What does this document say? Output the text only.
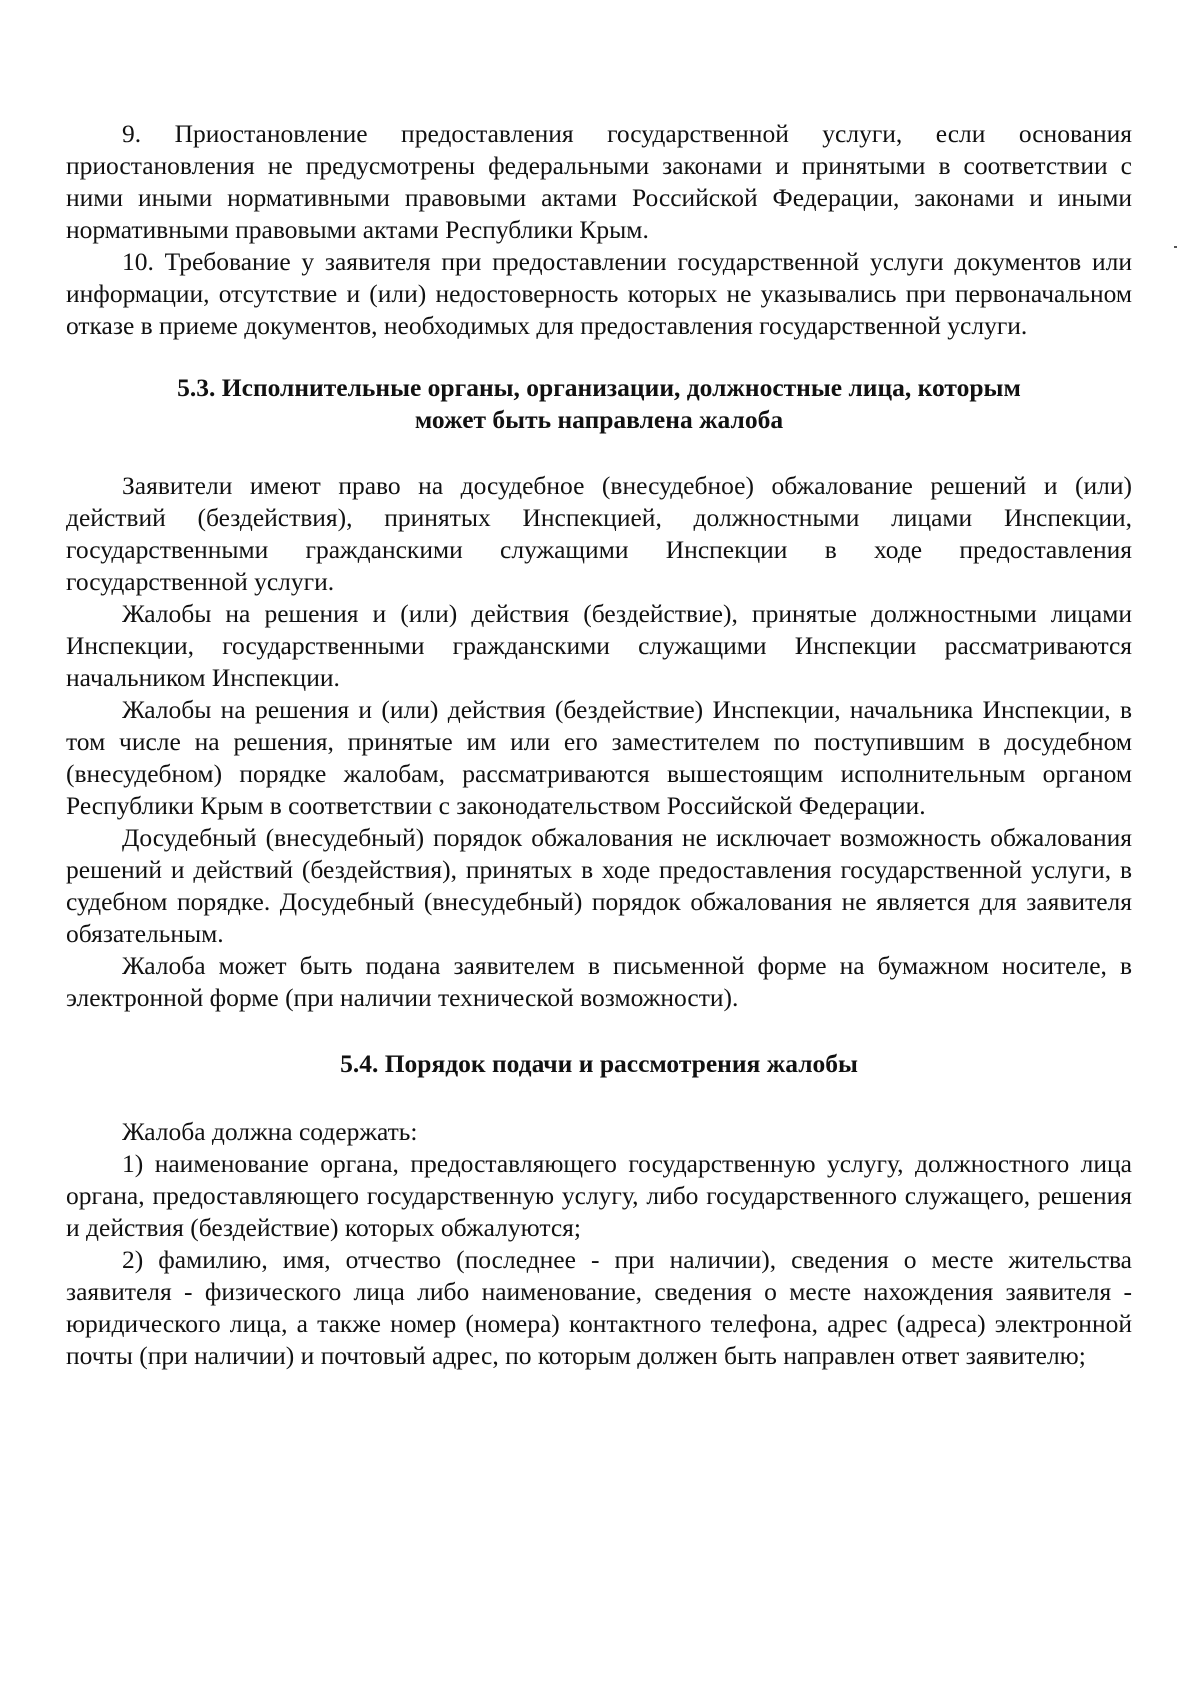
9. Приостановление предоставления государственной услуги, если основания приостановления не предусмотрены федеральными законами и принятыми в соответствии с ними иными нормативными правовыми актами Российской Федерации, законами и иными нормативными правовыми актами Республики Крым.

10. Требование у заявителя при предоставлении государственной услуги документов или информации, отсутствие и (или) недостоверность которых не указывались при первоначальном отказе в приеме документов, необходимых для предоставления государственной услуги.

5.3. Исполнительные органы, организации, должностные лица, которым
может быть направлена жалоба

Заявители имеют право на досудебное (внесудебное) обжалование решений и (или) действий (бездействия), принятых Инспекцией, должностными лицами Инспекции, государственными гражданскими служащими Инспекции в ходе предоставления государственной услуги.

Жалобы на решения и (или) действия (бездействие), принятые должностными лицами Инспекции, государственными гражданскими служащими Инспекции рассматриваются начальником Инспекции.

Жалобы на решения и (или) действия (бездействие) Инспекции, начальника Инспекции, в том числе на решения, принятые им или его заместителем по поступившим в досудебном (внесудебном) порядке жалобам, рассматриваются вышестоящим исполнительным органом Республики Крым в соответствии с законодательством Российской Федерации.

Досудебный (внесудебный) порядок обжалования не исключает возможность обжалования решений и действий (бездействия), принятых в ходе предоставления государственной услуги, в судебном порядке. Досудебный (внесудебный) порядок обжалования не является для заявителя обязательным.

Жалоба может быть подана заявителем в письменной форме на бумажном носителе, в электронной форме (при наличии технической возможности).

5.4. Порядок подачи и рассмотрения жалобы

Жалоба должна содержать:

1) наименование органа, предоставляющего государственную услугу, должностного лица органа, предоставляющего государственную услугу, либо государственного служащего, решения и действия (бездействие) которых обжалуются;

2) фамилию, имя, отчество (последнее - при наличии), сведения о месте жительства заявителя - физического лица либо наименование, сведения о месте нахождения заявителя - юридического лица, а также номер (номера) контактного телефона, адрес (адреса) электронной почты (при наличии) и почтовый адрес, по которым должен быть направлен ответ заявителю;
